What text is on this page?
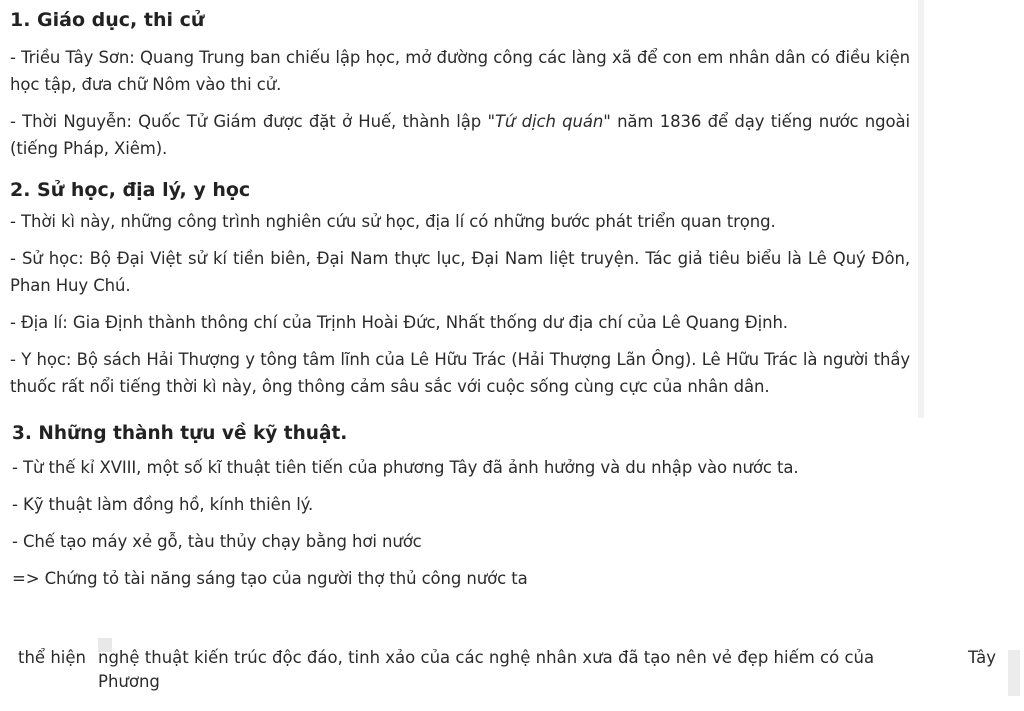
1. Giáo dục, thi cử

- Triều Tây Sơn: Quang Trung ban chiếu lập học, mở đường công các làng xã để con em nhân dân có điều kiện học tập, đưa chữ Nôm vào thi cử.

- Thời Nguyễn: Quốc Tử Giám được đặt ở Huế, thành lập "Tứ dịch quán" năm 1836 để dạy tiếng nước ngoài (tiếng Pháp, Xiêm).

2. Sử học, địa lý, y học

- Thời kì này, những công trình nghiên cứu sử học, địa lí có những bước phát triển quan trọng.

- Sử học: Bộ Đại Việt sử kí tiền biên, Đại Nam thực lục, Đại Nam liệt truyện. Tác giả tiêu biểu là Lê Quý Đôn, Phan Huy Chú.

- Địa lí: Gia Định thành thông chí của Trịnh Hoài Đức, Nhất thống dư địa chí của Lê Quang Định.

- Y học: Bộ sách Hải Thượng y tông tâm lĩnh của Lê Hữu Trác (Hải Thượng Lãn Ông). Lê Hữu Trác là người thầy thuốc rất nổi tiếng thời kì này, ông thông cảm sâu sắc với cuộc sống cùng cực của nhân dân.

3. Những thành tựu về kỹ thuật.

- Từ thế kỉ XVIII, một số kĩ thuật tiên tiến của phương Tây đã ảnh hưởng và du nhập vào nước ta.

- Kỹ thuật làm đồng hồ, kính thiên lý.

- Chế tạo máy xẻ gỗ, tàu thủy chạy bằng hơi nước

=> Chứng tỏ tài năng sáng tạo của người thợ thủ công nước ta

thể hiện nghệ thuật kiến trúc độc đáo, tinh xảo của các nghệ nhân xưa đã tạo nên vẻ đẹp hiếm có của Phương
Tây
